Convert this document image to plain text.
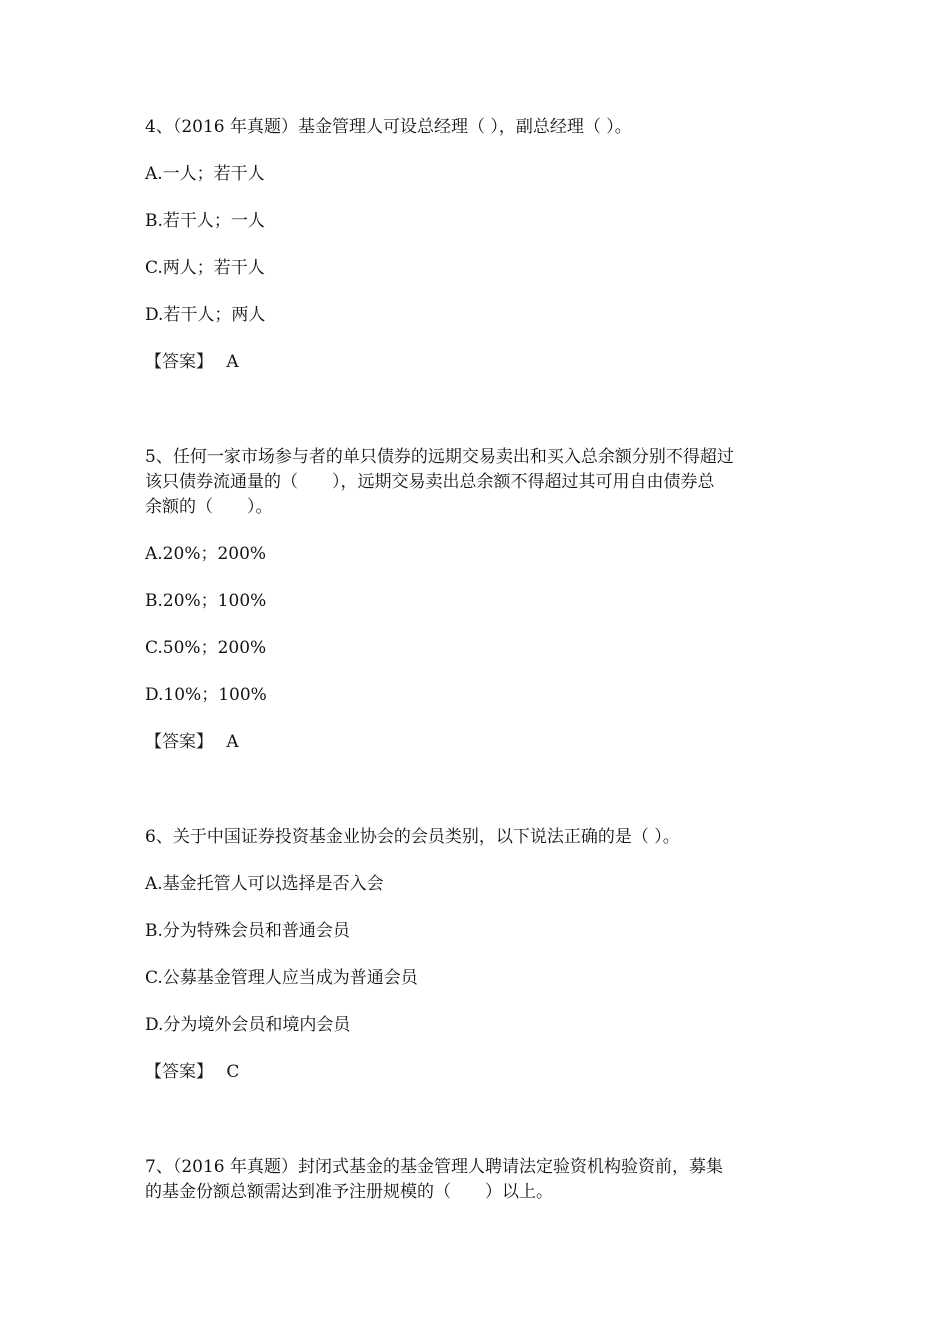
4、（2016 年真题）基金管理人可设总经理（ ），副总经理（ ）。
A.一人；若干人
B.若干人；一人
C.两人；若干人
D.若干人；两人
【答案】 A
5、任何一家市场参与者的单只债券的远期交易卖出和买入总余额分别不得超过
该只债券流通量的（　　），远期交易卖出总余额不得超过其可用自由债券总
余额的（　　）。
A.20%；200%
B.20%；100%
C.50%；200%
D.10%；100%
【答案】 A
6、关于中国证券投资基金业协会的会员类别，以下说法正确的是（ ）。
A.基金托管人可以选择是否入会
B.分为特殊会员和普通会员
C.公募基金管理人应当成为普通会员
D.分为境外会员和境内会员
【答案】 C
7、（2016 年真题）封闭式基金的基金管理人聘请法定验资机构验资前，募集
的基金份额总额需达到准予注册规模的（　　）以上。
